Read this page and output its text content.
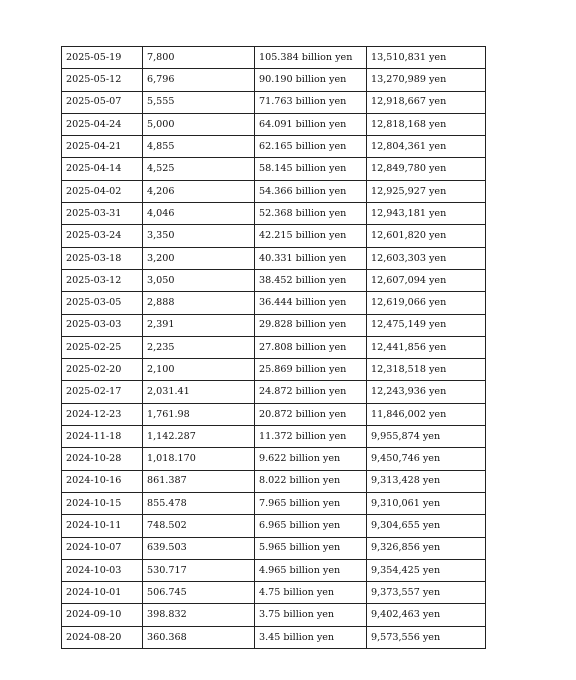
2025-05-19	7,800	105.384 billion yen	13,510,831 yen
2025-05-12	6,796	90.190 billion yen	13,270,989 yen
2025-05-07	5,555	71.763 billion yen	12,918,667 yen
2025-04-24	5,000	64.091 billion yen	12,818,168 yen
2025-04-21	4,855	62.165 billion yen	12,804,361 yen
2025-04-14	4,525	58.145 billion yen	12,849,780 yen
2025-04-02	4,206	54.366 billion yen	12,925,927 yen
2025-03-31	4,046	52.368 billion yen	12,943,181 yen
2025-03-24	3,350	42.215 billion yen	12,601,820 yen
2025-03-18	3,200	40.331 billion yen	12,603,303 yen
2025-03-12	3,050	38.452 billion yen	12,607,094 yen
2025-03-05	2,888	36.444 billion yen	12,619,066 yen
2025-03-03	2,391	29.828 billion yen	12,475,149 yen
2025-02-25	2,235	27.808 billion yen	12,441,856 yen
2025-02-20	2,100	25.869 billion yen	12,318,518 yen
2025-02-17	2,031.41	24.872 billion yen	12,243,936 yen
2024-12-23	1,761.98	20.872 billion yen	11,846,002 yen
2024-11-18	1,142.287	11.372 billion yen	9,955,874 yen
2024-10-28	1,018.170	9.622 billion yen	9,450,746 yen
2024-10-16	861.387	8.022 billion yen	9,313,428 yen
2024-10-15	855.478	7.965 billion yen	9,310,061 yen
2024-10-11	748.502	6.965 billion yen	9,304,655 yen
2024-10-07	639.503	5.965 billion yen	9,326,856 yen
2024-10-03	530.717	4.965 billion yen	9,354,425 yen
2024-10-01	506.745	4.75 billion yen	9,373,557 yen
2024-09-10	398.832	3.75 billion yen	9,402,463 yen
2024-08-20	360.368	3.45 billion yen	9,573,556 yen
